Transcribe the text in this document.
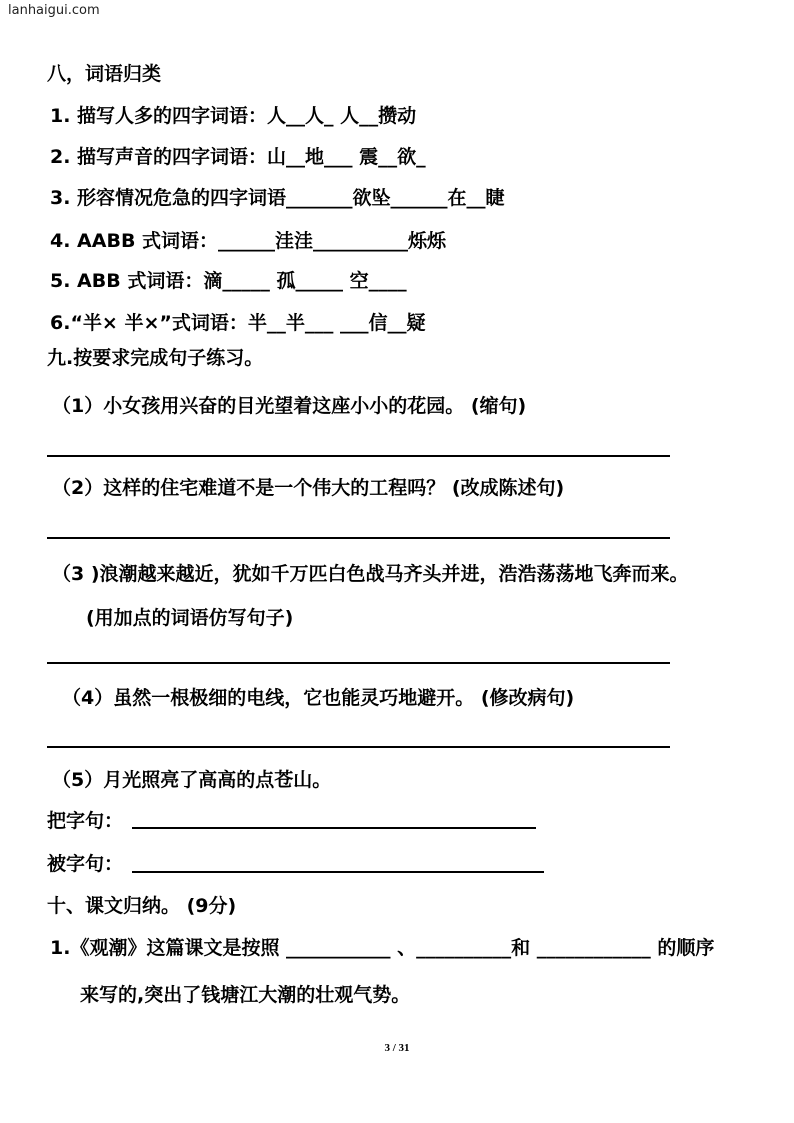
lanhaigui.com
八，词语归类
1. 描写人多的四字词语：人__人_ 人__攒动
2. 描写声音的四字词语：山__地___ 震__欲_
3. 形容情况危急的四字词语_______欲坠______在__睫
4. AABB 式词语：______洼洼__________烁烁
5. ABB 式词语：滴_____ 孤_____ 空____
6.“半× 半×”式词语：半__半___ ___信__疑
九.按要求完成句子练习。
（1）小女孩用兴奋的目光望着这座小小的花园。 (缩句)
（2）这样的住宅难道不是一个伟大的工程吗？ (改成陈述句)
（3 )浪潮越来越近，犹如千万匹白色战马齐头并进，浩浩荡荡地飞奔而来。
(用加点的词语仿写句子)
（4）虽然一根极细的电线，它也能灵巧地避开。 (修改病句)
（5）月光照亮了高高的点苍山。
把字句：
被字句：
十、课文归纳。 (9分)
1.《观潮》这篇课文是按照 ___________ 、__________和 ____________ 的顺序
来写的,突出了钱塘江大潮的壮观气势。
3 / 31
